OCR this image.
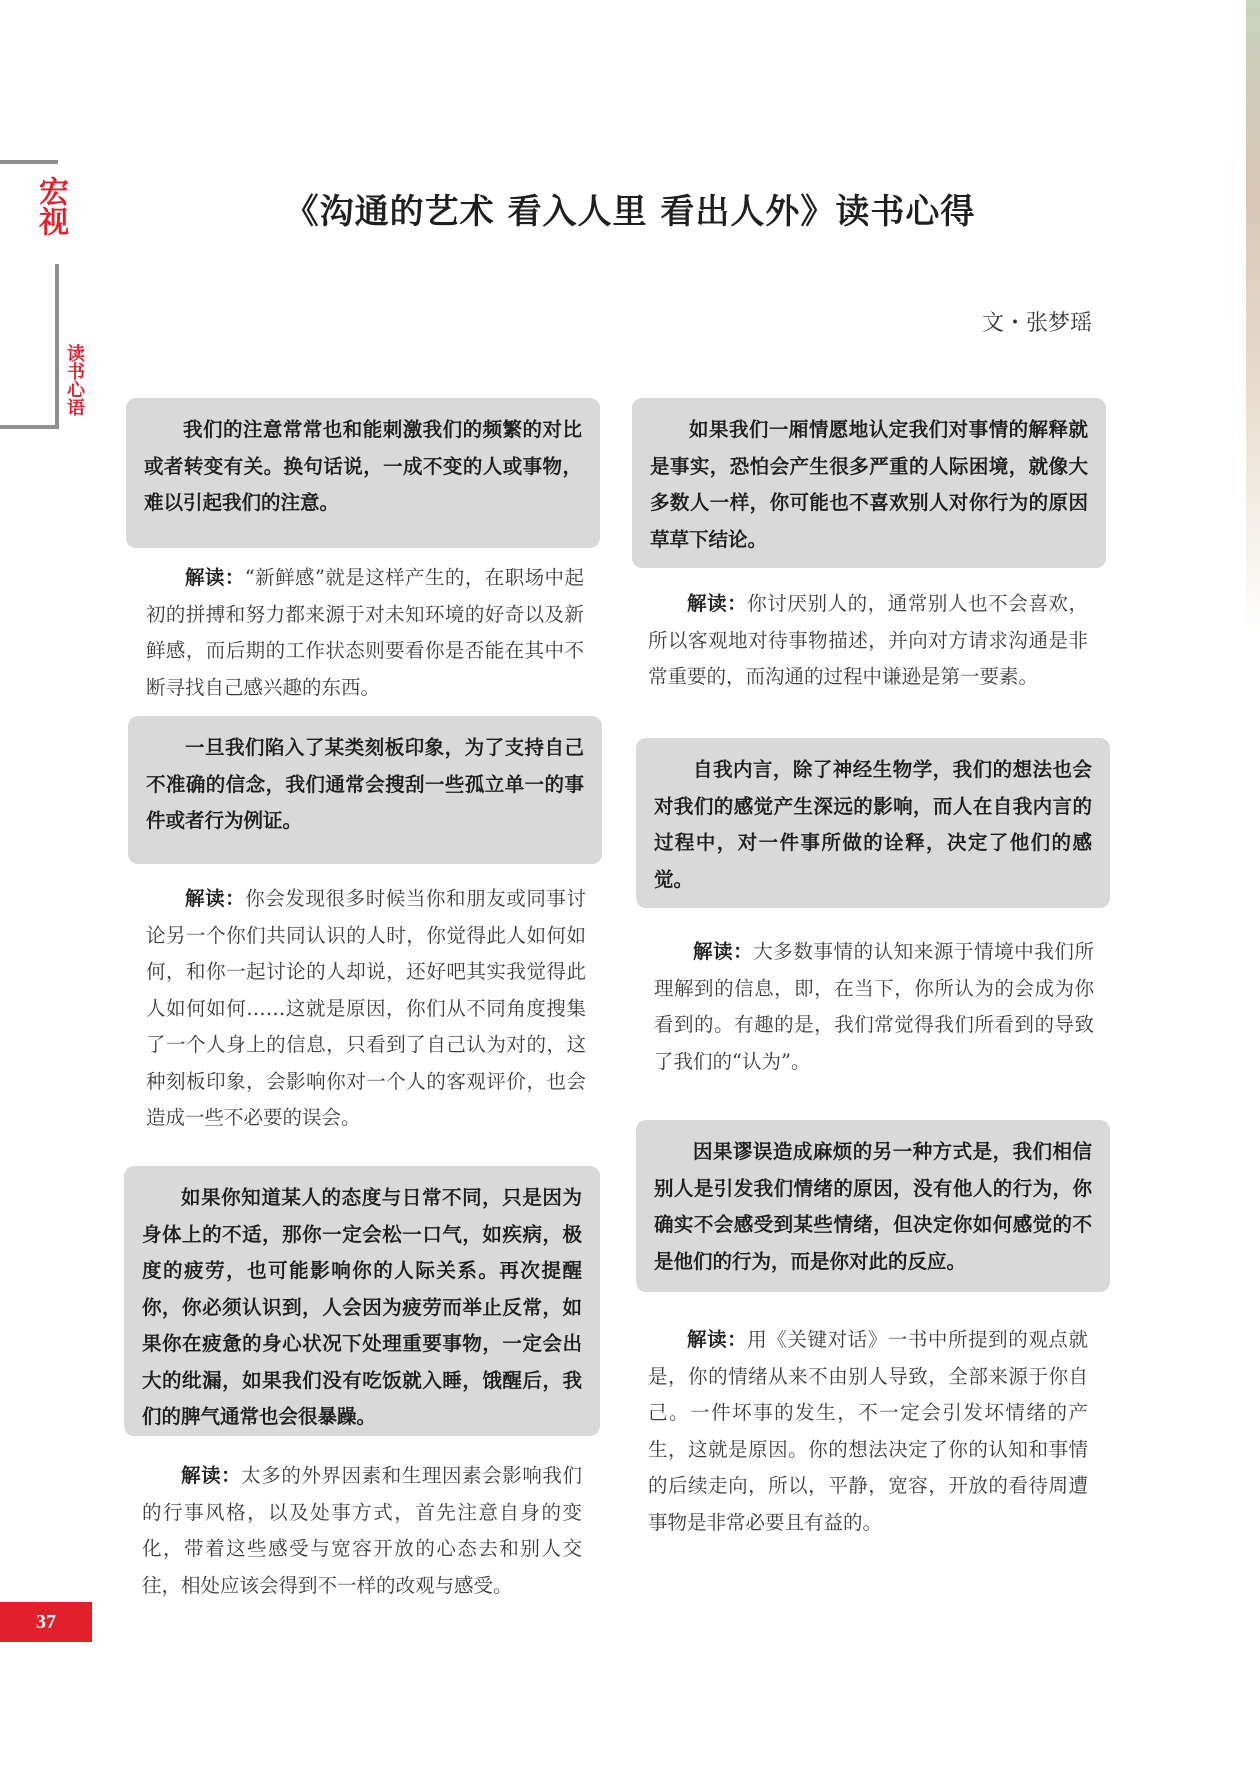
宏视
读书心语
《沟通的艺术 看入人里 看出人外》读书心得
文・张梦瑶
我们的注意常常也和能刺激我们的频繁的对比或者转变有关。换句话说，一成不变的人或事物，难以引起我们的注意。
解读：“新鲜感”就是这样产生的，在职场中起初的拼搏和努力都来源于对未知环境的好奇以及新鲜感，而后期的工作状态则要看你是否能在其中不断寻找自己感兴趣的东西。
一旦我们陷入了某类刻板印象，为了支持自己不准确的信念，我们通常会搜刮一些孤立单一的事件或者行为例证。
解读：你会发现很多时候当你和朋友或同事讨论另一个你们共同认识的人时，你觉得此人如何如何，和你一起讨论的人却说，还好吧其实我觉得此人如何如何……这就是原因，你们从不同角度搜集了一个人身上的信息，只看到了自己认为对的，这种刻板印象，会影响你对一个人的客观评价，也会造成一些不必要的误会。
如果你知道某人的态度与日常不同，只是因为身体上的不适，那你一定会松一口气，如疾病，极度的疲劳，也可能影响你的人际关系。再次提醒你，你必须认识到，人会因为疲劳而举止反常，如果你在疲惫的身心状况下处理重要事物，一定会出大的纰漏，如果我们没有吃饭就入睡，饿醒后，我们的脾气通常也会很暴躁。
解读：太多的外界因素和生理因素会影响我们的行事风格，以及处事方式，首先注意自身的变化，带着这些感受与宽容开放的心态去和别人交往，相处应该会得到不一样的改观与感受。
如果我们一厢情愿地认定我们对事情的解释就是事实，恐怕会产生很多严重的人际困境，就像大多数人一样，你可能也不喜欢别人对你行为的原因草草下结论。
解读：你讨厌别人的，通常别人也不会喜欢，所以客观地对待事物描述，并向对方请求沟通是非常重要的，而沟通的过程中谦逊是第一要素。
自我内言，除了神经生物学，我们的想法也会对我们的感觉产生深远的影响，而人在自我内言的过程中，对一件事所做的诠释，决定了他们的感觉。
解读：大多数事情的认知来源于情境中我们所理解到的信息，即，在当下，你所认为的会成为你看到的。有趣的是，我们常觉得我们所看到的导致了我们的“认为”。
因果谬误造成麻烦的另一种方式是，我们相信别人是引发我们情绪的原因，没有他人的行为，你确实不会感受到某些情绪，但决定你如何感觉的不是他们的行为，而是你对此的反应。
解读：用《关键对话》一书中所提到的观点就是，你的情绪从来不由别人导致，全部来源于你自己。一件坏事的发生，不一定会引发坏情绪的产生，这就是原因。你的想法决定了你的认知和事情的后续走向，所以，平静，宽容，开放的看待周遭事物是非常必要且有益的。
37
